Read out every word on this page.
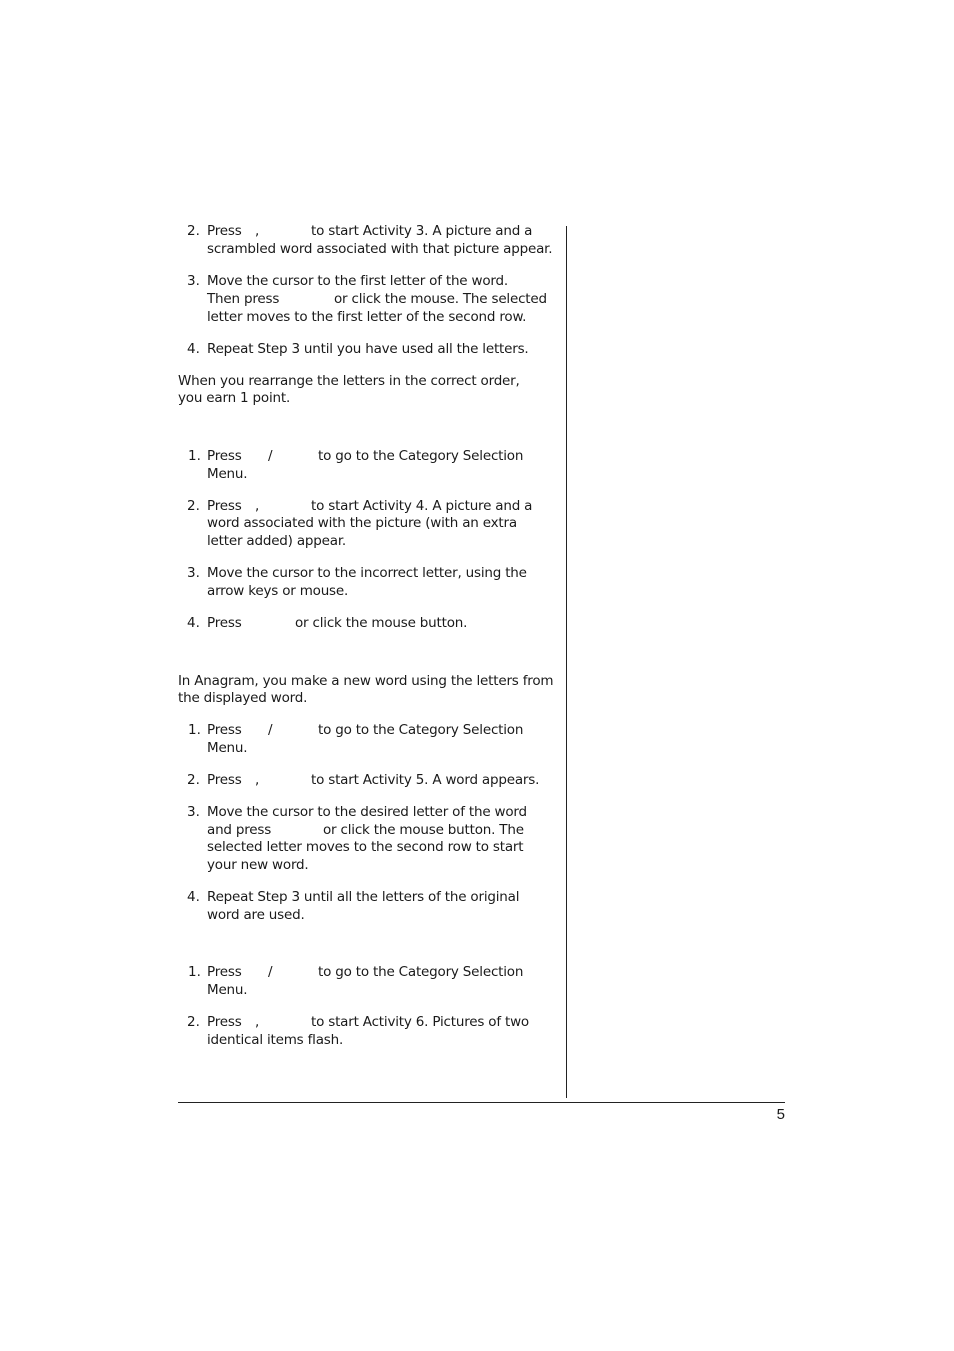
5
2. Press ,	to start Activity 3. A picture and a
scrambled word associated with that picture appear.
3. Move the cursor to the first letter of the word.
Then press	or click the mouse. The selected
letter moves to the first letter of the second row.
4. Repeat Step 3 until you have used all the letters.
When you rearrange the letters in the correct order,
you earn 1 point.
1. Press /	to go to the Category Selection
Menu.
2. Press ,	to start Activity 4. A picture and a
word associated with the picture (with an extra
letter added) appear.
3. Move the cursor to the incorrect letter, using the
arrow keys or mouse.
4. Press	or click the mouse button.
In Anagram, you make a new word using the letters from
the displayed word.
1. Press /	to go to the Category Selection
Menu.
2. Press ,	to start Activity 5. A word appears.
3. Move the cursor to the desired letter of the word
and press	or click the mouse button. The
selected letter moves to the second row to start
your new word.
4. Repeat Step 3 until all the letters of the original
word are used.
1. Press /	to go to the Category Selection
Menu.
2. Press ,	to start Activity 6. Pictures of two
identical items flash.
